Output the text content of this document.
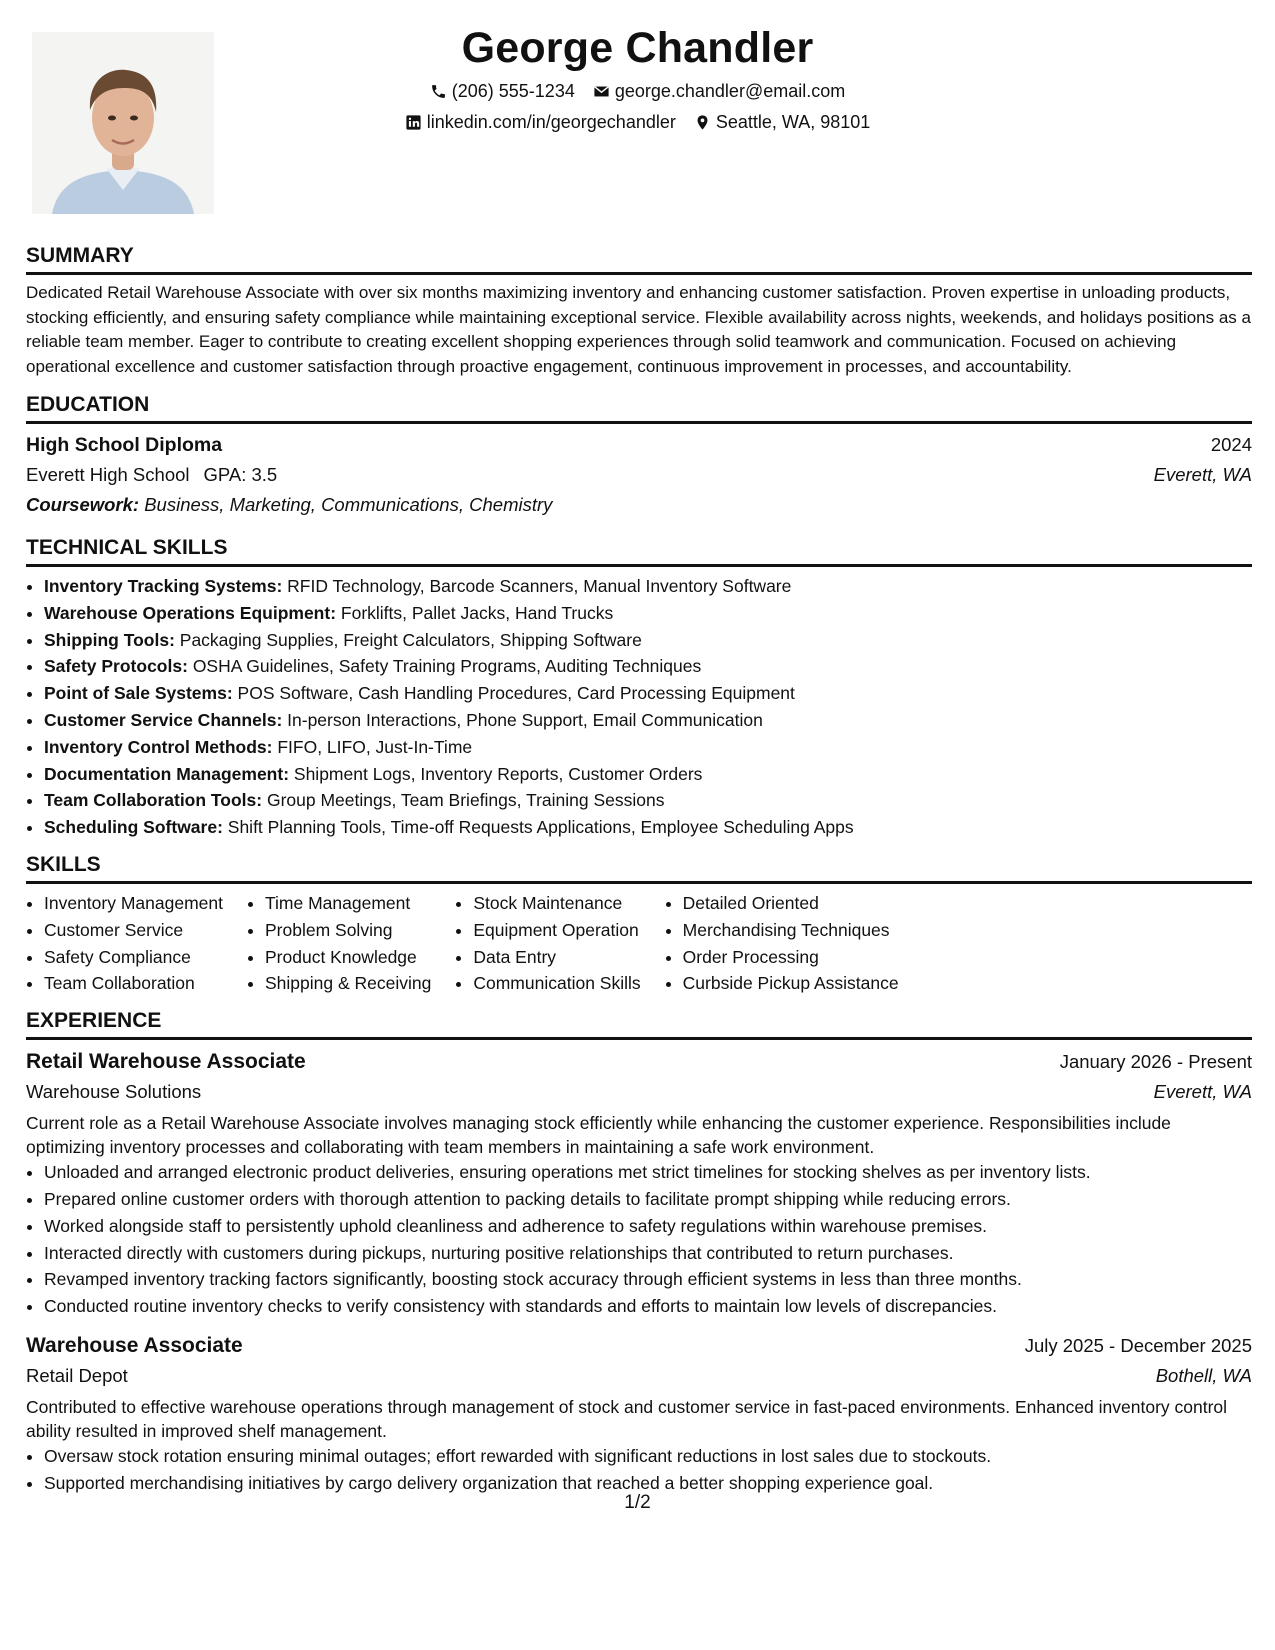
George Chandler
(206) 555-1234 george.chandler@email.com
linkedin.com/in/georgechandler Seattle, WA, 98101
SUMMARY

Dedicated Retail Warehouse Associate with over six months maximizing inventory and enhancing customer satisfaction. Proven expertise in unloading products, stocking efficiently, and ensuring safety compliance while maintaining exceptional service. Flexible availability across nights, weekends, and holidays positions as a reliable team member. Eager to contribute to creating excellent shopping experiences through solid teamwork and communication. Focused on achieving operational excellence and customer satisfaction through proactive engagement, continuous improvement in processes, and accountability.

EDUCATION
High School Diploma	2024
Everett High School GPA: 3.5	Everett, WA
Coursework: Business, Marketing, Communications, Chemistry
TECHNICAL SKILLS
• Inventory Tracking Systems: RFID Technology, Barcode Scanners, Manual Inventory Software
• Warehouse Operations Equipment: Forklifts, Pallet Jacks, Hand Trucks
• Shipping Tools: Packaging Supplies, Freight Calculators, Shipping Software
• Safety Protocols: OSHA Guidelines, Safety Training Programs, Auditing Techniques
• Point of Sale Systems: POS Software, Cash Handling Procedures, Card Processing Equipment
• Customer Service Channels: In-person Interactions, Phone Support, Email Communication
• Inventory Control Methods: FIFO, LIFO, Just-In-Time
• Documentation Management: Shipment Logs, Inventory Reports, Customer Orders
• Team Collaboration Tools: Group Meetings, Team Briefings, Training Sessions
• Scheduling Software: Shift Planning Tools, Time-off Requests Applications, Employee Scheduling Apps
SKILLS
• Inventory Management
• Customer Service
• Safety Compliance
• Team Collaboration
• Time Management
• Problem Solving
• Product Knowledge
• Shipping & Receiving
• Stock Maintenance
• Equipment Operation
• Data Entry
• Communication Skills
• Detailed Oriented
• Merchandising Techniques
• Order Processing
• Curbside Pickup Assistance
EXPERIENCE
Retail Warehouse Associate	January 2026 - Present
Warehouse Solutions	Everett, WA

Current role as a Retail Warehouse Associate involves managing stock efficiently while enhancing the customer experience. Responsibilities include optimizing inventory processes and collaborating with team members in maintaining a safe work environment.

• Unloaded and arranged electronic product deliveries, ensuring operations met strict timelines for stocking shelves as per inventory lists.
• Prepared online customer orders with thorough attention to packing details to facilitate prompt shipping while reducing errors.
• Worked alongside staff to persistently uphold cleanliness and adherence to safety regulations within warehouse premises.
• Interacted directly with customers during pickups, nurturing positive relationships that contributed to return purchases.
• Revamped inventory tracking factors significantly, boosting stock accuracy through efficient systems in less than three months.
• Conducted routine inventory checks to verify consistency with standards and efforts to maintain low levels of discrepancies.
Warehouse Associate	July 2025 - December 2025
Retail Depot	Bothell, WA

Contributed to effective warehouse operations through management of stock and customer service in fast-paced environments. Enhanced inventory control ability resulted in improved shelf management.

• Oversaw stock rotation ensuring minimal outages; effort rewarded with significant reductions in lost sales due to stockouts.
• Supported merchandising initiatives by cargo delivery organization that reached a better shopping experience goal.
1/2
